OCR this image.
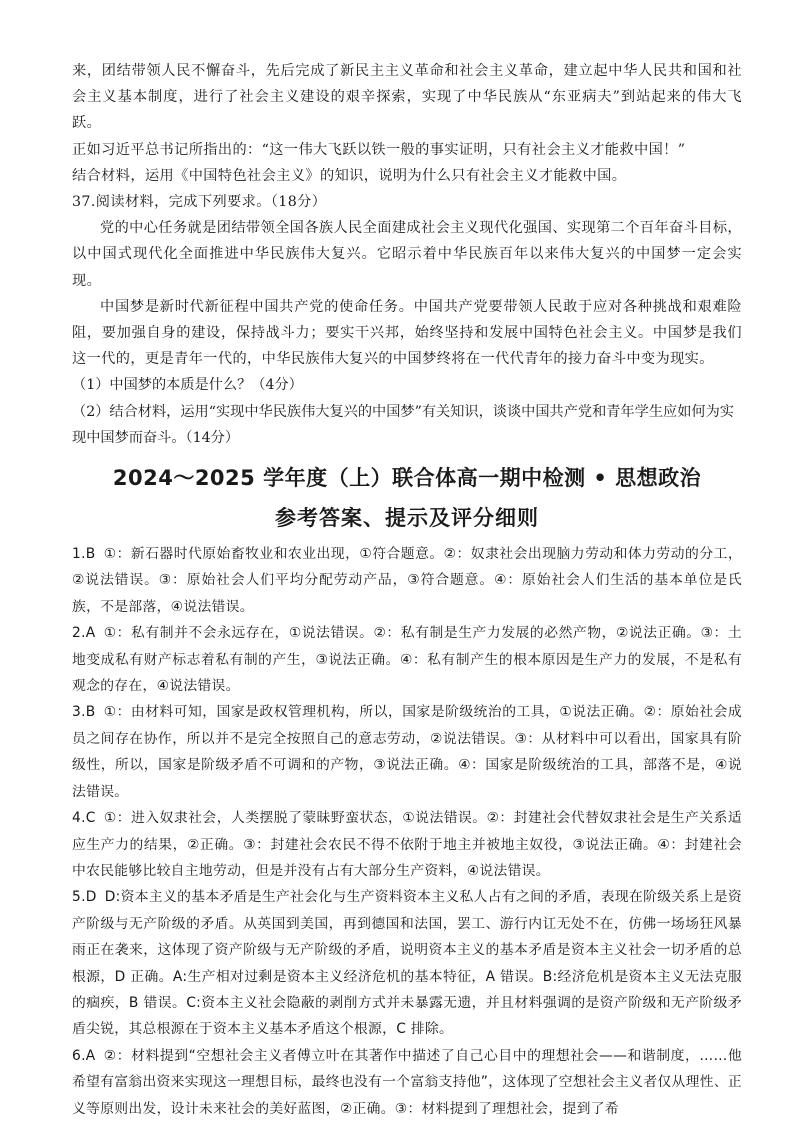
来，团结带领人民不懈奋斗，先后完成了新民主主义革命和社会主义革命，建立起中华人民共和国和社会主义基本制度，进行了社会主义建设的艰辛探索，实现了中华民族从“东亚病夫”到站起来的伟大飞跃。

正如习近平总书记所指出的：“这一伟大飞跃以铁一般的事实证明，只有社会主义才能救中国！”

结合材料，运用《中国特色社会主义》的知识，说明为什么只有社会主义才能救中国。

37.阅读材料，完成下列要求。（18分）

党的中心任务就是团结带领全国各族人民全面建成社会主义现代化强国、实现第二个百年奋斗目标，以中国式现代化全面推进中华民族伟大复兴。它昭示着中华民族百年以来伟大复兴的中国梦一定会实现。

中国梦是新时代新征程中国共产党的使命任务。中国共产党要带领人民敢于应对各种挑战和艰难险阻，要加强自身的建设，保持战斗力；要实干兴邦，始终坚持和发展中国特色社会主义。中国梦是我们这一代的，更是青年一代的，中华民族伟大复兴的中国梦终将在一代代青年的接力奋斗中变为现实。

（1）中国梦的本质是什么？（4分）

（2）结合材料，运用“实现中华民族伟大复兴的中国梦”有关知识，谈谈中国共产党和青年学生应如何为实现中国梦而奋斗。（14分）

2024～2025 学年度（上）联合体高一期中检测 • 思想政治
参考答案、提示及评分细则

1.B ①：新石器时代原始畜牧业和农业出现，①符合题意。②：奴隶社会出现脑力劳动和体力劳动的分工，②说法错误。③：原始社会人们平均分配劳动产品，③符合题意。④：原始社会人们生活的基本单位是氏族，不是部落，④说法错误。

2.A ①：私有制并不会永远存在，①说法错误。②：私有制是生产力发展的必然产物，②说法正确。③：土地变成私有财产标志着私有制的产生，③说法正确。④：私有制产生的根本原因是生产力的发展，不是私有观念的存在，④说法错误。

3.B ①：由材料可知，国家是政权管理机构，所以，国家是阶级统治的工具，①说法正确。②：原始社会成员之间存在协作，所以并不是完全按照自己的意志劳动，②说法错误。③：从材料中可以看出，国家具有阶级性，所以，国家是阶级矛盾不可调和的产物，③说法正确。④：国家是阶级统治的工具，部落不是，④说法错误。

4.C ①：进入奴隶社会，人类摆脱了蒙昧野蛮状态，①说法错误。②：封建社会代替奴隶社会是生产关系适应生产力的结果，②正确。③：封建社会农民不得不依附于地主并被地主奴役，③说法正确。④：封建社会中农民能够比较自主地劳动，但是并没有占有大部分生产资料，④说法错误。

5.D D:资本主义的基本矛盾是生产社会化与生产资料资本主义私人占有之间的矛盾，表现在阶级关系上是资产阶级与无产阶级的矛盾。从英国到美国，再到德国和法国，罢工、游行内讧无处不在，仿佛一场场狂风暴雨正在袭来，这体现了资产阶级与无产阶级的矛盾，说明资本主义的基本矛盾是资本主义社会一切矛盾的总根源，D 正确。A:生产相对过剩是资本主义经济危机的基本特征，A 错误。B:经济危机是资本主义无法克服的痼疾，B 错误。C:资本主义社会隐蔽的剥削方式并未暴露无遗，并且材料强调的是资产阶级和无产阶级矛盾尖锐，其总根源在于资本主义基本矛盾这个根源，C 排除。

6.A ②：材料提到“空想社会主义者傅立叶在其著作中描述了自己心目中的理想社会——和谐制度，……他希望有富翁出资来实现这一理想目标，最终也没有一个富翁支持他”，这体现了空想社会主义者仅从理性、正义等原则出发，设计未来社会的美好蓝图，②正确。③：材料提到了理想社会，提到了希
